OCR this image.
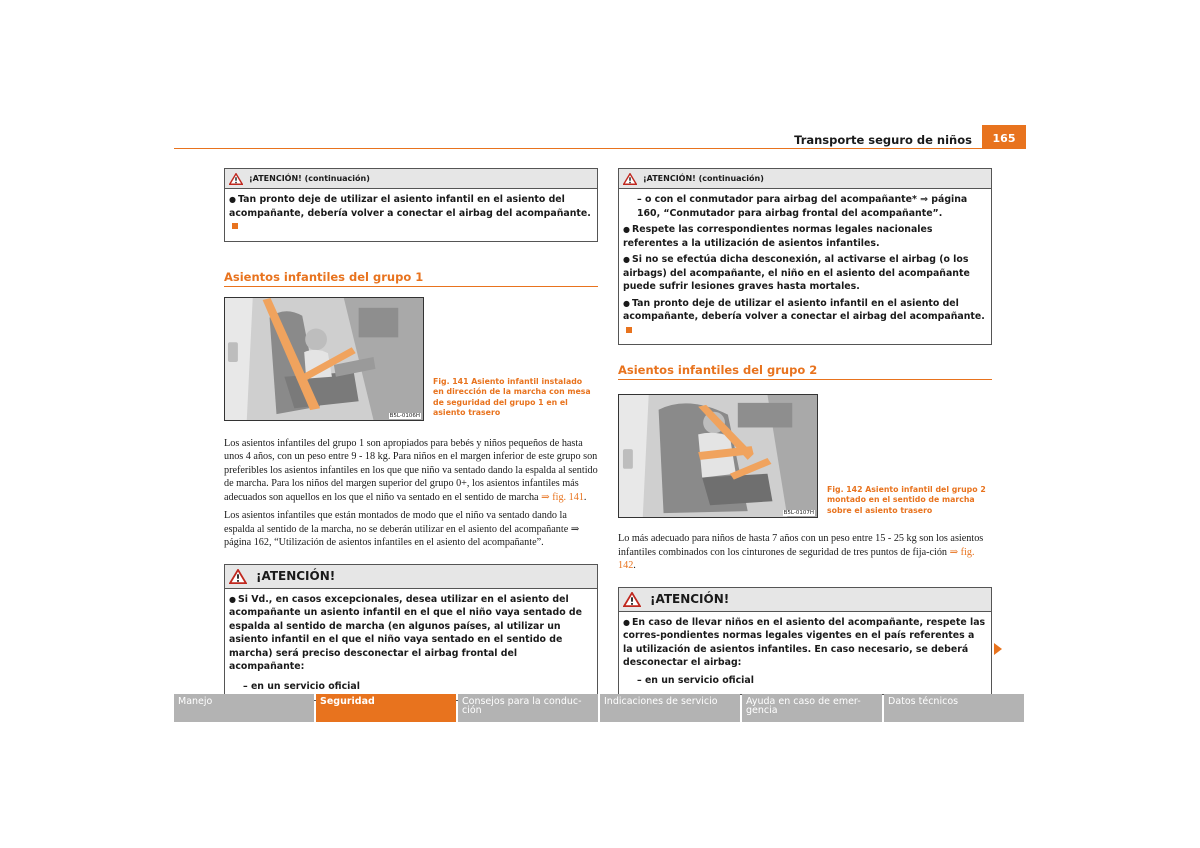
Transporte seguro de niños	165
¡ATENCIÓN! (continuación)

● Tan pronto deje de utilizar el asiento infantil en el asiento del acompañante, debería volver a conectar el airbag del acompañante.

Asientos infantiles del grupo 1
B5L-0106H
Fig. 141 Asiento infantil instalado en dirección de la marcha con mesa de seguridad del grupo 1 en el asiento trasero

Los asientos infantiles del grupo 1 son apropiados para bebés y niños pequeños de hasta unos 4 años, con un peso entre 9 - 18 kg. Para niños en el margen inferior de este grupo son preferibles los asientos infantiles en los que que niño va sentado dando la espalda al sentido de marcha. Para los niños del margen superior del grupo 0+, los asientos infantiles más adecuados son aquellos en los que el niño va sentado en el sentido de marcha ⇒ fig. 141.

Los asientos infantiles que están montados de modo que el niño va sentado dando la espalda al sentido de la marcha, no se deberán utilizar en el asiento del acompañante ⇒ página 162, “Utilización de asientos infantiles en el asiento del acompañante”.

¡ATENCIÓN!

● Si Vd., en casos excepcionales, desea utilizar en el asiento del acompañante un asiento infantil en el que el niño vaya sentado de espalda al sentido de marcha (en algunos países, al utilizar un asiento infantil en el que el niño vaya sentado en el sentido de marcha) será preciso desconectar el airbag frontal del acompañante:

– en un servicio oficial

¡ATENCIÓN! (continuación)

– o con el conmutador para airbag del acompañante* ⇒ página 160, “Conmutador para airbag frontal del acompañante”.

● Respete las correspondientes normas legales nacionales referentes a la utilización de asientos infantiles.

● Si no se efectúa dicha desconexión, al activarse el airbag (o los airbags) del acompañante, el niño en el asiento del acompañante puede sufrir lesiones graves hasta mortales.

● Tan pronto deje de utilizar el asiento infantil en el asiento del acompañante, debería volver a conectar el airbag del acompañante.

Asientos infantiles del grupo 2
B5L-0107H
Fig. 142 Asiento infantil del grupo 2 montado en el sentido de marcha sobre el asiento trasero

Lo más adecuado para niños de hasta 7 años con un peso entre 15 - 25 kg son los asientos infantiles combinados con los cinturones de seguridad de tres puntos de fija-ción ⇒ fig. 142.

¡ATENCIÓN!

● En caso de llevar niños en el asiento del acompañante, respete las corres-pondientes normas legales vigentes en el país referentes a la utilización de asientos infantiles. En caso necesario, se deberá desconectar el airbag:

– en un servicio oficial

Manejo	Seguridad	Consejos para la conduc-ción
Indicaciones de servicio	Ayuda en caso de emer-gencia
Datos técnicos
